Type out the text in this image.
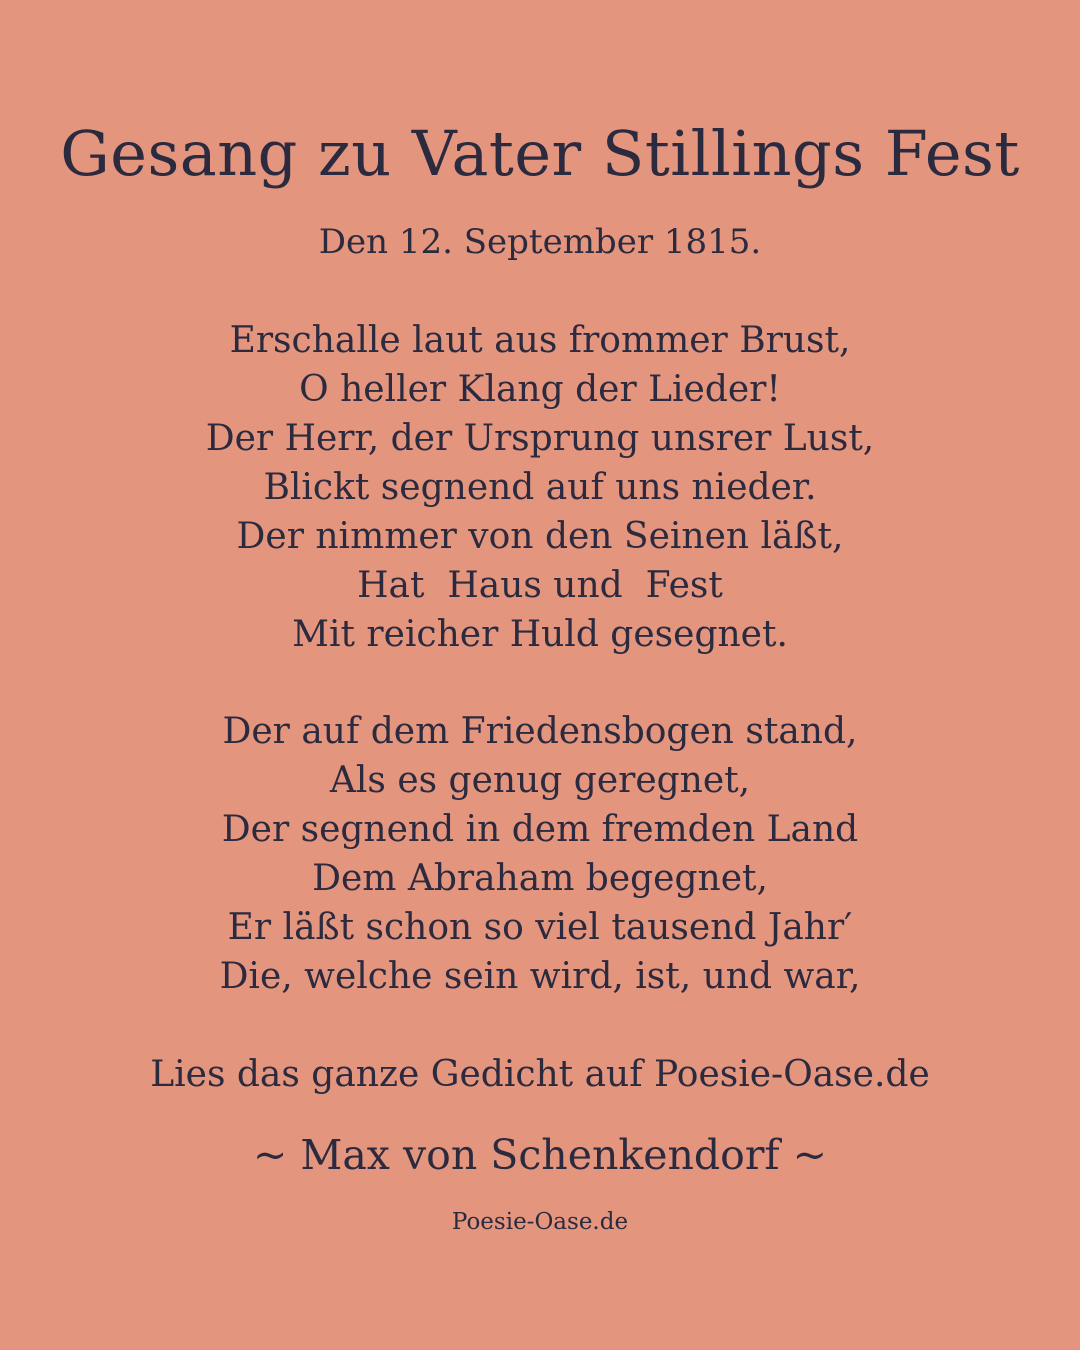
Gesang zu Vater Stillings Fest
Den 12. September 1815.
Erschalle laut aus frommer Brust,
O heller Klang der Lieder!
Der Herr, der Ursprung unsrer Lust,
Blickt segnend auf uns nieder.
Der nimmer von den Seinen läßt,
Hat  Haus und  Fest
Mit reicher Huld gesegnet.
Der auf dem Friedensbogen stand,
Als es genug geregnet,
Der segnend in dem fremden Land
Dem Abraham begegnet,
Er läßt schon so viel tausend Jahr′
Die, welche sein wird, ist, und war,
Lies das ganze Gedicht auf Poesie-Oase.de
~ Max von Schenkendorf ~
Poesie-Oase.de
